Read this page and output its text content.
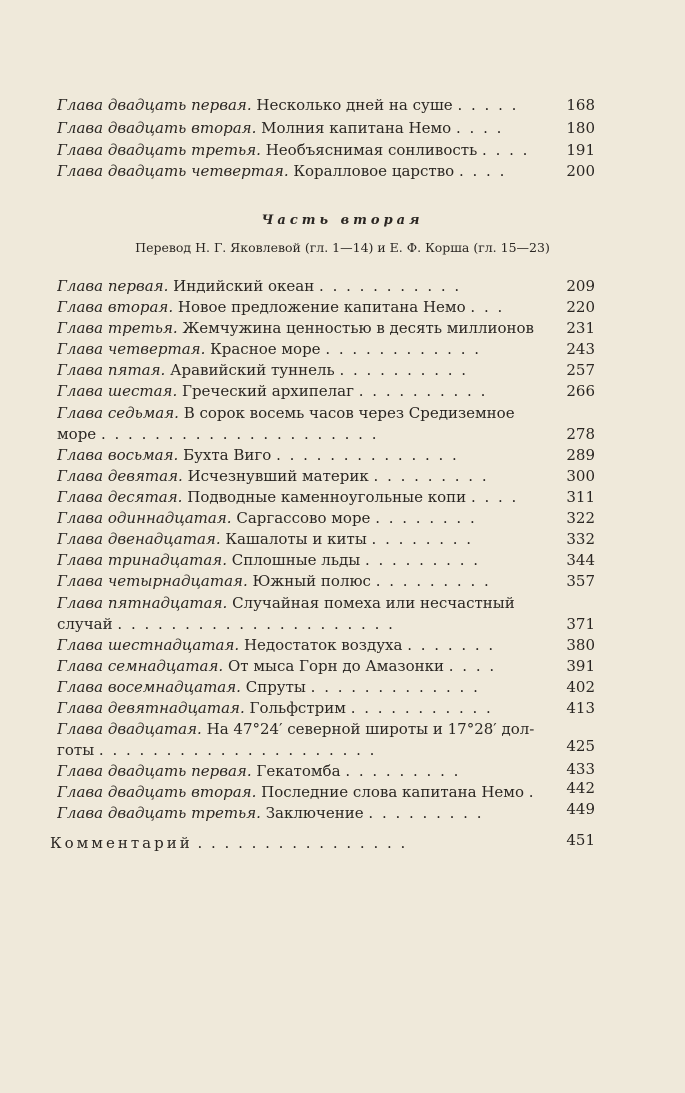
Глава двадцать первая. Несколько дней на суше . . . . .	168
Глава двадцать вторая. Молния капитана Немо . . . .	180
Глава двадцать третья. Необъяснимая сонливость . . . .	191
Глава двадцать четвертая. Коралловое царство . . . .	200
Часть вторая
Перевод Н. Г. Яковлевой (гл. 1—14) и Е. Ф. Корша (гл. 15—23)
Глава первая. Индийский океан . . . . . . . . . . .	209
Глава вторая. Новое предложение капитана Немо . . .	220
Глава третья. Жемчужина ценностью в десять миллионов	231
Глава четвертая. Красное море . . . . . . . . . . . .	243
Глава пятая. Аравийский туннель . . . . . . . . . .	257
Глава шестая. Греческий архипелаг . . . . . . . . . .	266
Глава седьмая. В сорок восемь часов через Средиземное
море . . . . . . . . . . . . . . . . . . . . .	278
Глава восьмая. Бухта Виго . . . . . . . . . . . . . .	289
Глава девятая. Исчезнувший материк . . . . . . . . .	300
Глава десятая. Подводные каменноугольные копи . . . .	311
Глава одиннадцатая. Саргассово море . . . . . . . .	322
Глава двенадцатая. Кашалоты и киты . . . . . . . .	332
Глава тринадцатая. Сплошные льды . . . . . . . . .	344
Глава четырнадцатая. Южный полюс . . . . . . . . .	357
Глава пятнадцатая. Случайная помеха или несчастный
случай . . . . . . . . . . . . . . . . . . . . .	371
Глава шестнадцатая. Недостаток воздуха . . . . . . .	380
Глава семнадцатая. От мыса Горн до Амазонки . . . .	391
Глава восемнадцатая. Спруты . . . . . . . . . . . . .	402
Глава девятнадцатая. Гольфстрим . . . . . . . . . . .	413
Глава двадцатая. На 47°24′ северной широты и 17°28′ дол-
готы . . . . . . . . . . . . . . . . . . . . .	425
Глава двадцать первая. Гекатомба . . . . . . . . .	433
Глава двадцать вторая. Последние слова капитана Немо .	442
Глава двадцать третья. Заключение . . . . . . . . .	449
Комментарий . . . . . . . . . . . . . . . .	451
